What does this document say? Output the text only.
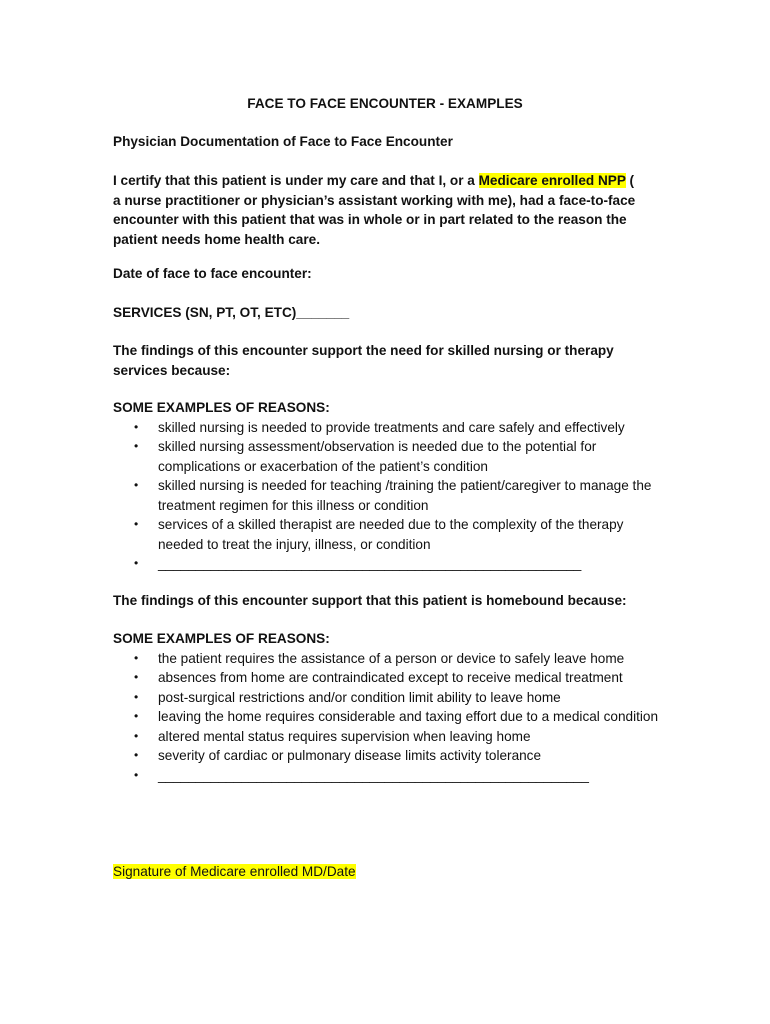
FACE TO FACE ENCOUNTER - EXAMPLES
Physician Documentation of Face to Face Encounter
I certify that this patient is under my care and that I, or a Medicare enrolled NPP ( a nurse practitioner or physician’s assistant working with me), had a face-to-face encounter with this patient that was in whole or in part related to the reason the patient needs home health care.
Date of face to face encounter:
SERVICES (SN, PT, OT, ETC)_______
The findings of this encounter support the need for skilled nursing or therapy services because:
SOME EXAMPLES OF REASONS:
• skilled nursing is needed to provide treatments and care safely and effectively
• skilled nursing assessment/observation is needed due to the potential for complications or exacerbation of the patient’s condition
• skilled nursing is needed for teaching /training the patient/caregiver to manage the treatment regimen for this illness or condition
• services of a skilled therapist are needed due to the complexity of the therapy needed to treat the injury, illness, or condition
• ________________________________________________________
The findings of this encounter support that this patient is homebound because:
SOME EXAMPLES OF REASONS:
• the patient requires the assistance of a person or device to safely leave home
• absences from home are contraindicated except to receive medical treatment
• post-surgical restrictions and/or condition limit ability to leave home
• leaving the home requires considerable and taxing effort due to a medical condition
• altered mental status requires supervision when leaving home
• severity of cardiac or pulmonary disease limits activity tolerance
• _________________________________________________________
Signature of Medicare enrolled MD/Date
